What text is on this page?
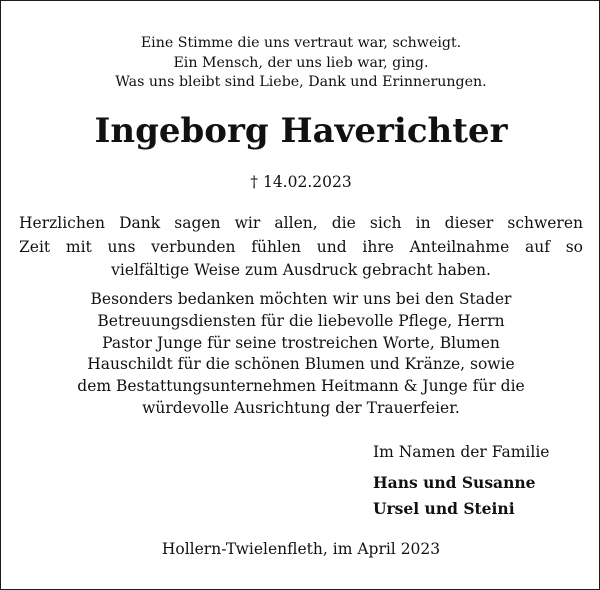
Eine Stimme die uns vertraut war, schweigt.
Ein Mensch, der uns lieb war, ging.
Was uns bleibt sind Liebe, Dank und Erinnerungen.
Ingeborg Haverichter
† 14.02.2023
Herzlichen Dank sagen wir allen, die sich in dieser schweren
Zeit mit uns verbunden fühlen und ihre Anteilnahme auf so
vielfältige Weise zum Ausdruck gebracht haben.
Besonders bedanken möchten wir uns bei den Stader
Betreuungsdiensten für die liebevolle Pflege, Herrn
Pastor Junge für seine trostreichen Worte, Blumen
Hauschildt für die schönen Blumen und Kränze, sowie
dem Bestattungsunternehmen Heitmann & Junge für die
würdevolle Ausrichtung der Trauerfeier.
Im Namen der Familie
Hans und Susanne
Ursel und Steini
Hollern-Twielenfleth, im April 2023
